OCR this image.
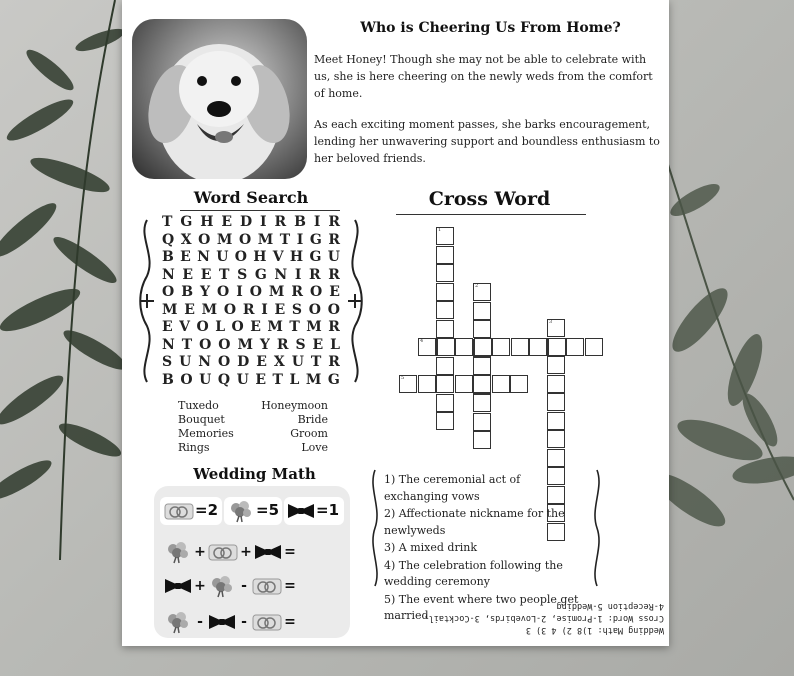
Who is Cheering Us From Home?

Meet Honey! Though she may not be able to celebrate with us, she is here cheering on the newly weds from the comfort of home.

As each exciting moment passes, she barks encouragement, lending her unwavering support and boundless enthusiasm to her beloved friends.

Word Search
T G H E D I R B I R
Q X O M O M T I G R
B E N U O H V H G U
N E E T S G N I R R
O B Y O I O M R O E
M E M O R I E S O O
E V O L O E M T M R
N T O O M Y R S E L
S U N O D E X U T R
B O U Q U E T L M G
Tuxedo
Bouquet
Memories
Rings
Honeymoon
Bride
Groom
Love
Cross Word
1
2
3
4
5
1) The ceremonial act of exchanging vows
2) Affectionate nickname for the newlyweds
3) A mixed drink
4) The celebration following the wedding ceremony
5) The event where two people get married
Wedding Math
=2	=5 =1
+ + =
+	-	=
-	-	=	Wedding Math: 1)8 2) 4 3) 3
Cross Word: 1-Promise, 2-Lovebirds, 3-Cocktail,
4-Reception 5-Wedding
